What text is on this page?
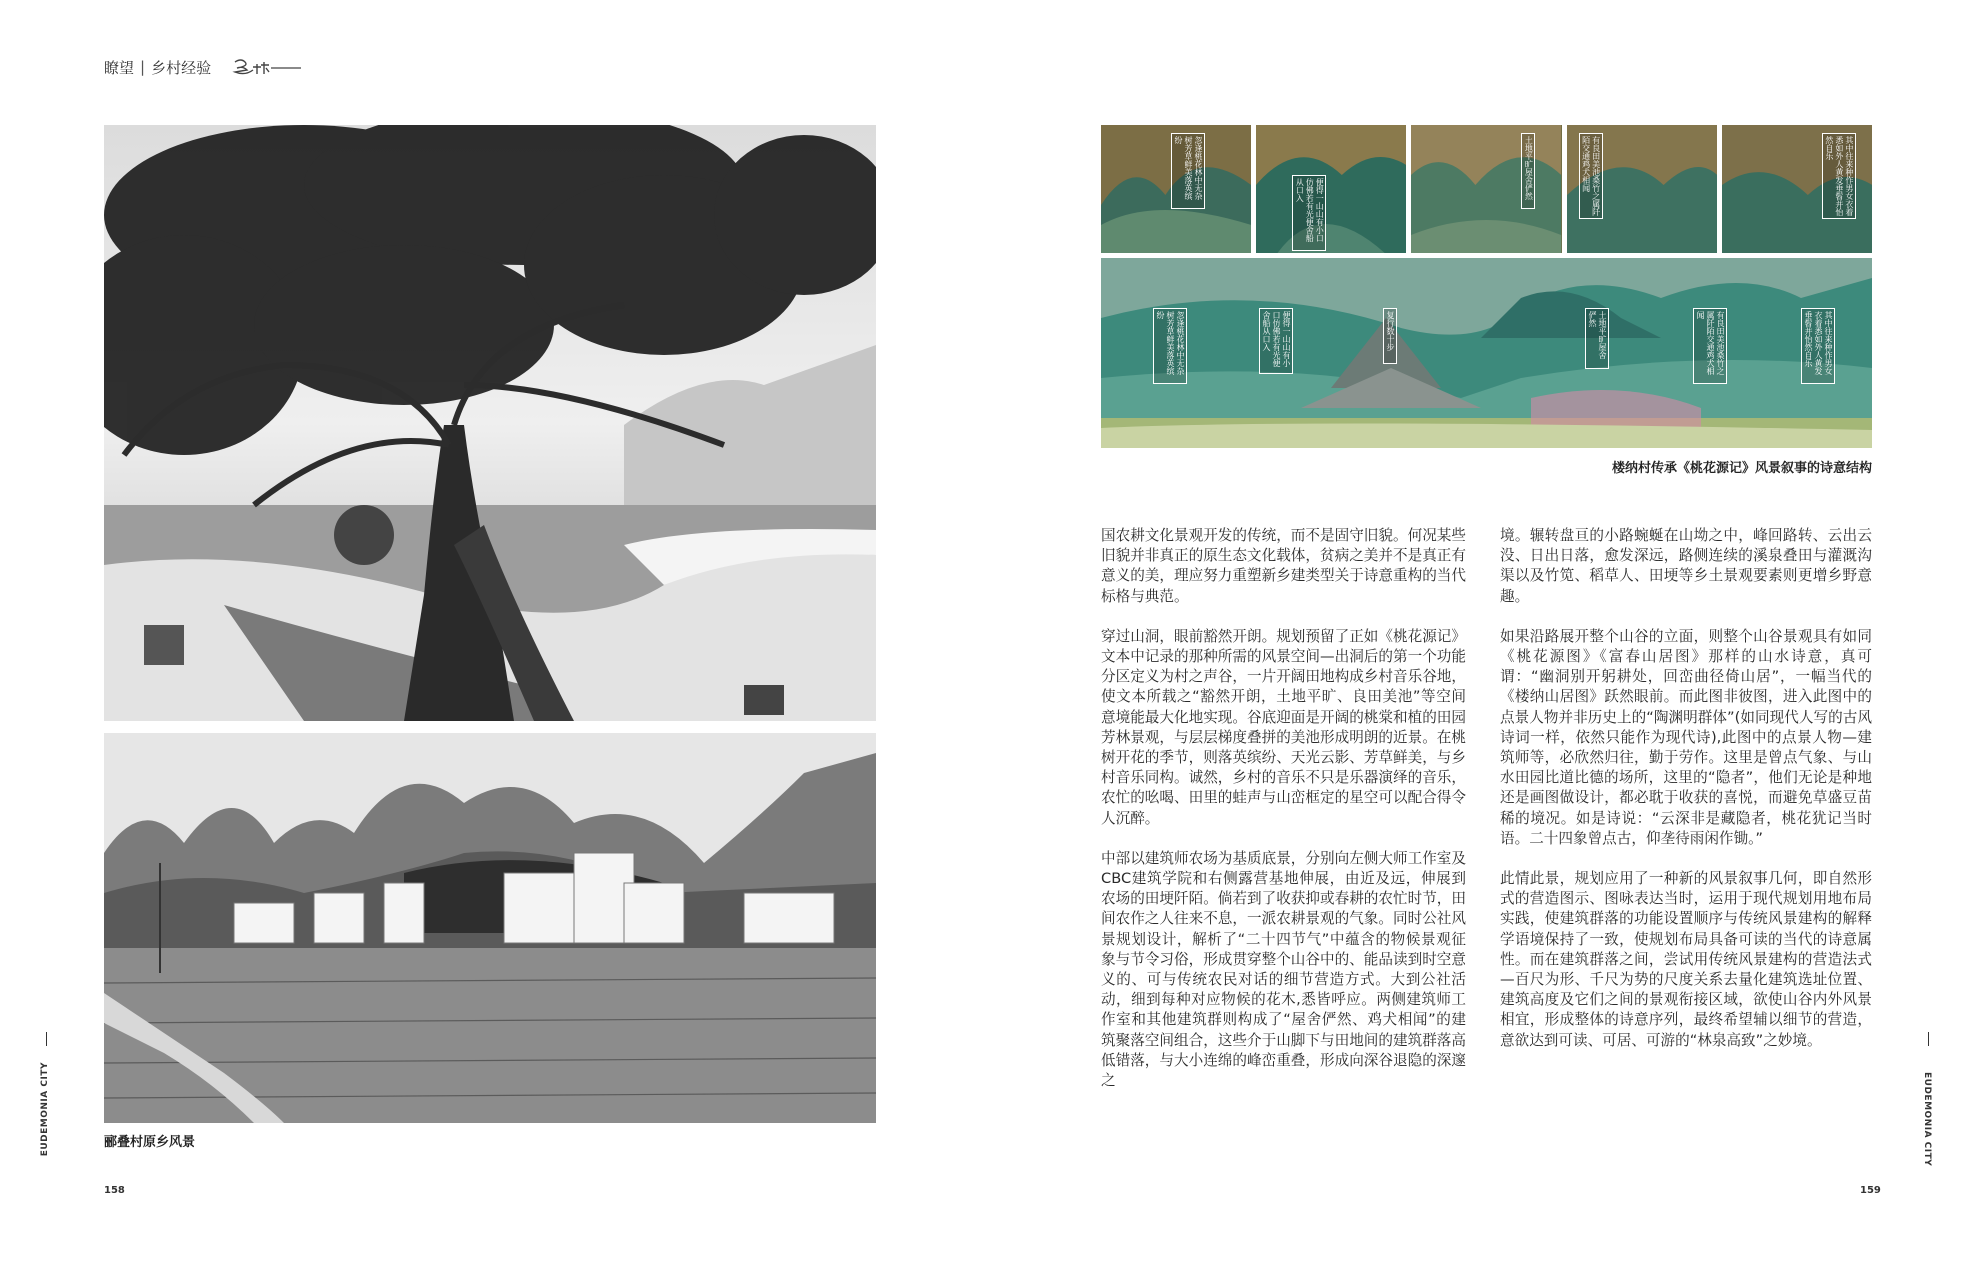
瞭望 | 乡村经验
郦叠村原乡风景
忽逢桃花林中无杂树芳草鲜美落英缤纷
便得一山山有小口仿佛若有光便舍船从口入	土地平旷屋舍俨然	有良田美池桑竹之属阡陌交通鸡犬相闻	其中往来种作男女衣着悉如外人黄发垂髫并怡然自乐
忽逢桃花林中无杂树芳草鲜美落英缤纷	便得一山山有小口仿佛若有光便舍船从口入	复行数十步	土地平旷屋舍俨然	有良田美池桑竹之属阡陌交通鸡犬相闻	其中往来种作男女衣着悉如外人黄发垂髫并怡然自乐
楼纳村传承《桃花源记》风景叙事的诗意结构

国农耕文化景观开发的传统，而不是固守旧貌。何况某些旧貌并非真正的原生态文化载体，贫病之美并不是真正有意义的美，理应努力重塑新乡建类型关于诗意重构的当代标格与典范。

穿过山洞，眼前豁然开朗。规划预留了正如《桃花源记》文本中记录的那种所需的风景空间—出洞后的第一个功能分区定义为村之声谷，一片开阔田地构成乡村音乐谷地，使文本所载之“豁然开朗，土地平旷、良田美池”等空间意境能最大化地实现。谷底迎面是开阔的桃棠和植的田园芳林景观，与层层梯度叠拼的美池形成明朗的近景。在桃树开花的季节，则落英缤纷、天光云影、芳草鲜美，与乡村音乐同构。诚然，乡村的音乐不只是乐器演绎的音乐，农忙的吆喝、田里的蛙声与山峦框定的星空可以配合得令人沉醉。

中部以建筑师农场为基质底景，分别向左侧大师工作室及CBC建筑学院和右侧露营基地伸展，由近及远，伸展到农场的田埂阡陌。倘若到了收获抑或春耕的农忙时节，田间农作之人往来不息，一派农耕景观的气象。同时公社风景规划设计，解析了“二十四节气”中蕴含的物候景观征象与节令习俗，形成贯穿整个山谷中的、能品读到时空意义的、可与传统农民对话的细节营造方式。大到公社活动，细到每种对应物候的花木,悉皆呼应。两侧建筑师工作室和其他建筑群则构成了“屋舍俨然、鸡犬相闻”的建筑聚落空间组合，这些介于山脚下与田地间的建筑群落高低错落，与大小连绵的峰峦重叠，形成向深谷退隐的深邃之

境。辗转盘亘的小路蜿蜒在山坳之中，峰回路转、云出云没、日出日落，愈发深远，路侧连续的溪泉叠田与灌溉沟渠以及竹笕、稻草人、田埂等乡土景观要素则更增乡野意趣。

如果沿路展开整个山谷的立面，则整个山谷景观具有如同《桃花源图》《富春山居图》那样的山水诗意，真可谓：“幽洞别开躬耕处，回峦曲径倚山居”，一幅当代的《楼纳山居图》跃然眼前。而此图非彼图，进入此图中的点景人物并非历史上的“陶渊明群体”(如同现代人写的古风诗词一样，依然只能作为现代诗),此图中的点景人物—建筑师等，必欣然归往，勤于劳作。这里是曾点气象、与山水田园比道比德的场所，这里的“隐者”，他们无论是种地还是画图做设计，都必耽于收获的喜悦，而避免草盛豆苗稀的境况。如是诗说：“云深非是藏隐者，桃花犹记当时语。二十四象曾点古，仰垄待雨闲作锄。”

此情此景，规划应用了一种新的风景叙事几何，即自然形式的营造图示、图咏表达当时，运用于现代规划用地布局实践，使建筑群落的功能设置顺序与传统风景建构的解释学语境保持了一致，使规划布局具备可读的当代的诗意属性。而在建筑群落之间，尝试用传统风景建构的营造法式—百尺为形、千尺为势的尺度关系去量化建筑选址位置、建筑高度及它们之间的景观衔接区域，欲使山谷内外风景相宜，形成整体的诗意序列，最终希望辅以细节的营造，意欲达到可读、可居、可游的“林泉高致”之妙境。

EUDEMONIA CITY	EUDEMONIA CITY
158	159
